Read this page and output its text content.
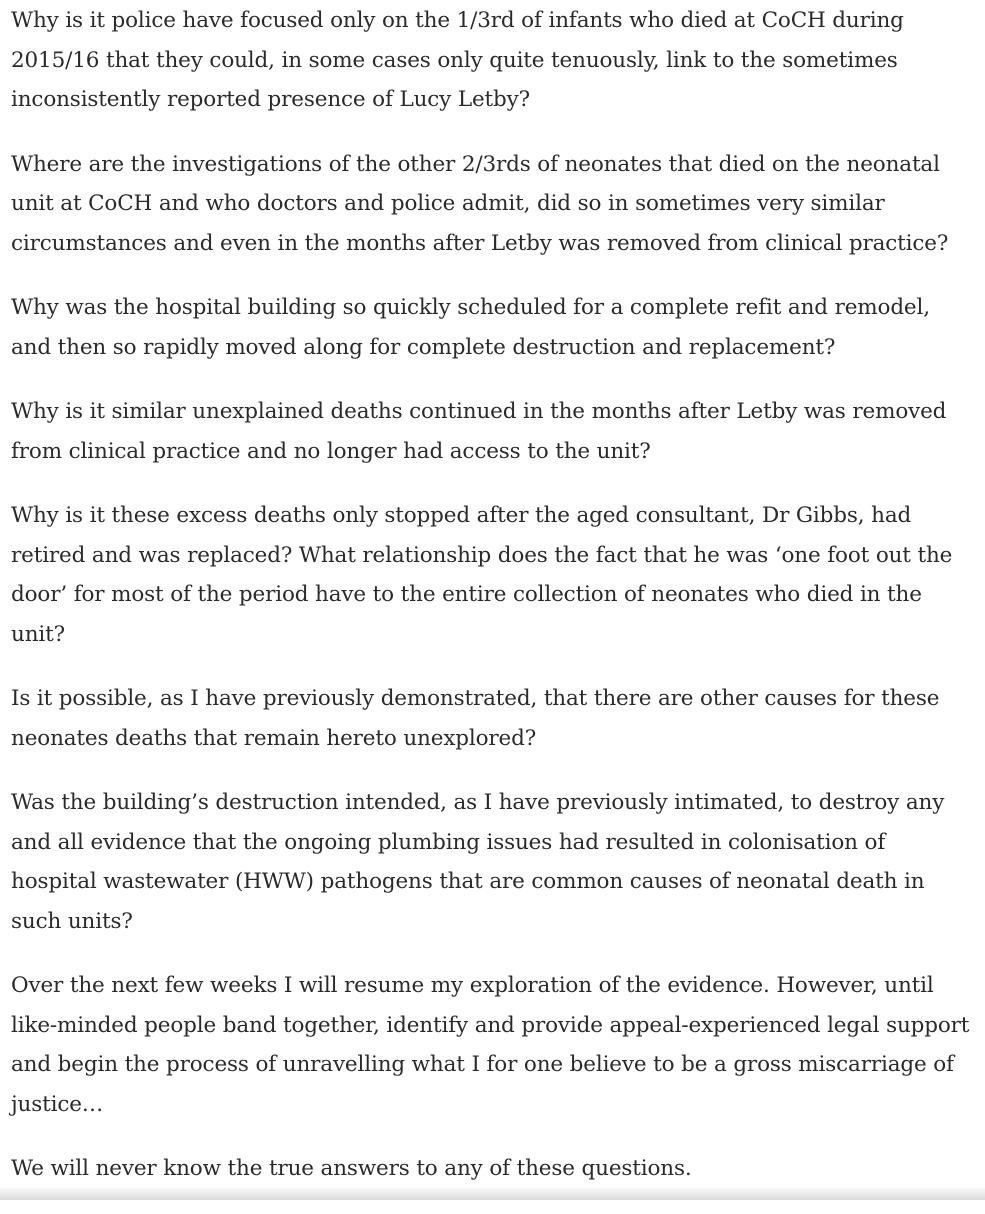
Why is it police have focused only on the 1/3rd of infants who died at CoCH during 2015/16 that they could, in some cases only quite tenuously, link to the sometimes inconsistently reported presence of Lucy Letby?

Where are the investigations of the other 2/3rds of neonates that died on the neonatal unit at CoCH and who doctors and police admit, did so in sometimes very similar circumstances and even in the months after Letby was removed from clinical practice?

Why was the hospital building so quickly scheduled for a complete refit and remodel, and then so rapidly moved along for complete destruction and replacement?

Why is it similar unexplained deaths continued in the months after Letby was removed from clinical practice and no longer had access to the unit?

Why is it these excess deaths only stopped after the aged consultant, Dr Gibbs, had retired and was replaced? What relationship does the fact that he was ‘one foot out the door’ for most of the period have to the entire collection of neonates who died in the unit?

Is it possible, as I have previously demonstrated, that there are other causes for these neonates deaths that remain hereto unexplored?

Was the building’s destruction intended, as I have previously intimated, to destroy any and all evidence that the ongoing plumbing issues had resulted in colonisation of hospital wastewater (HWW) pathogens that are common causes of neonatal death in such units?

Over the next few weeks I will resume my exploration of the evidence. However, until like-minded people band together, identify and provide appeal-experienced legal support and begin the process of unravelling what I for one believe to be a gross miscarriage of justice…

We will never know the true answers to any of these questions.
